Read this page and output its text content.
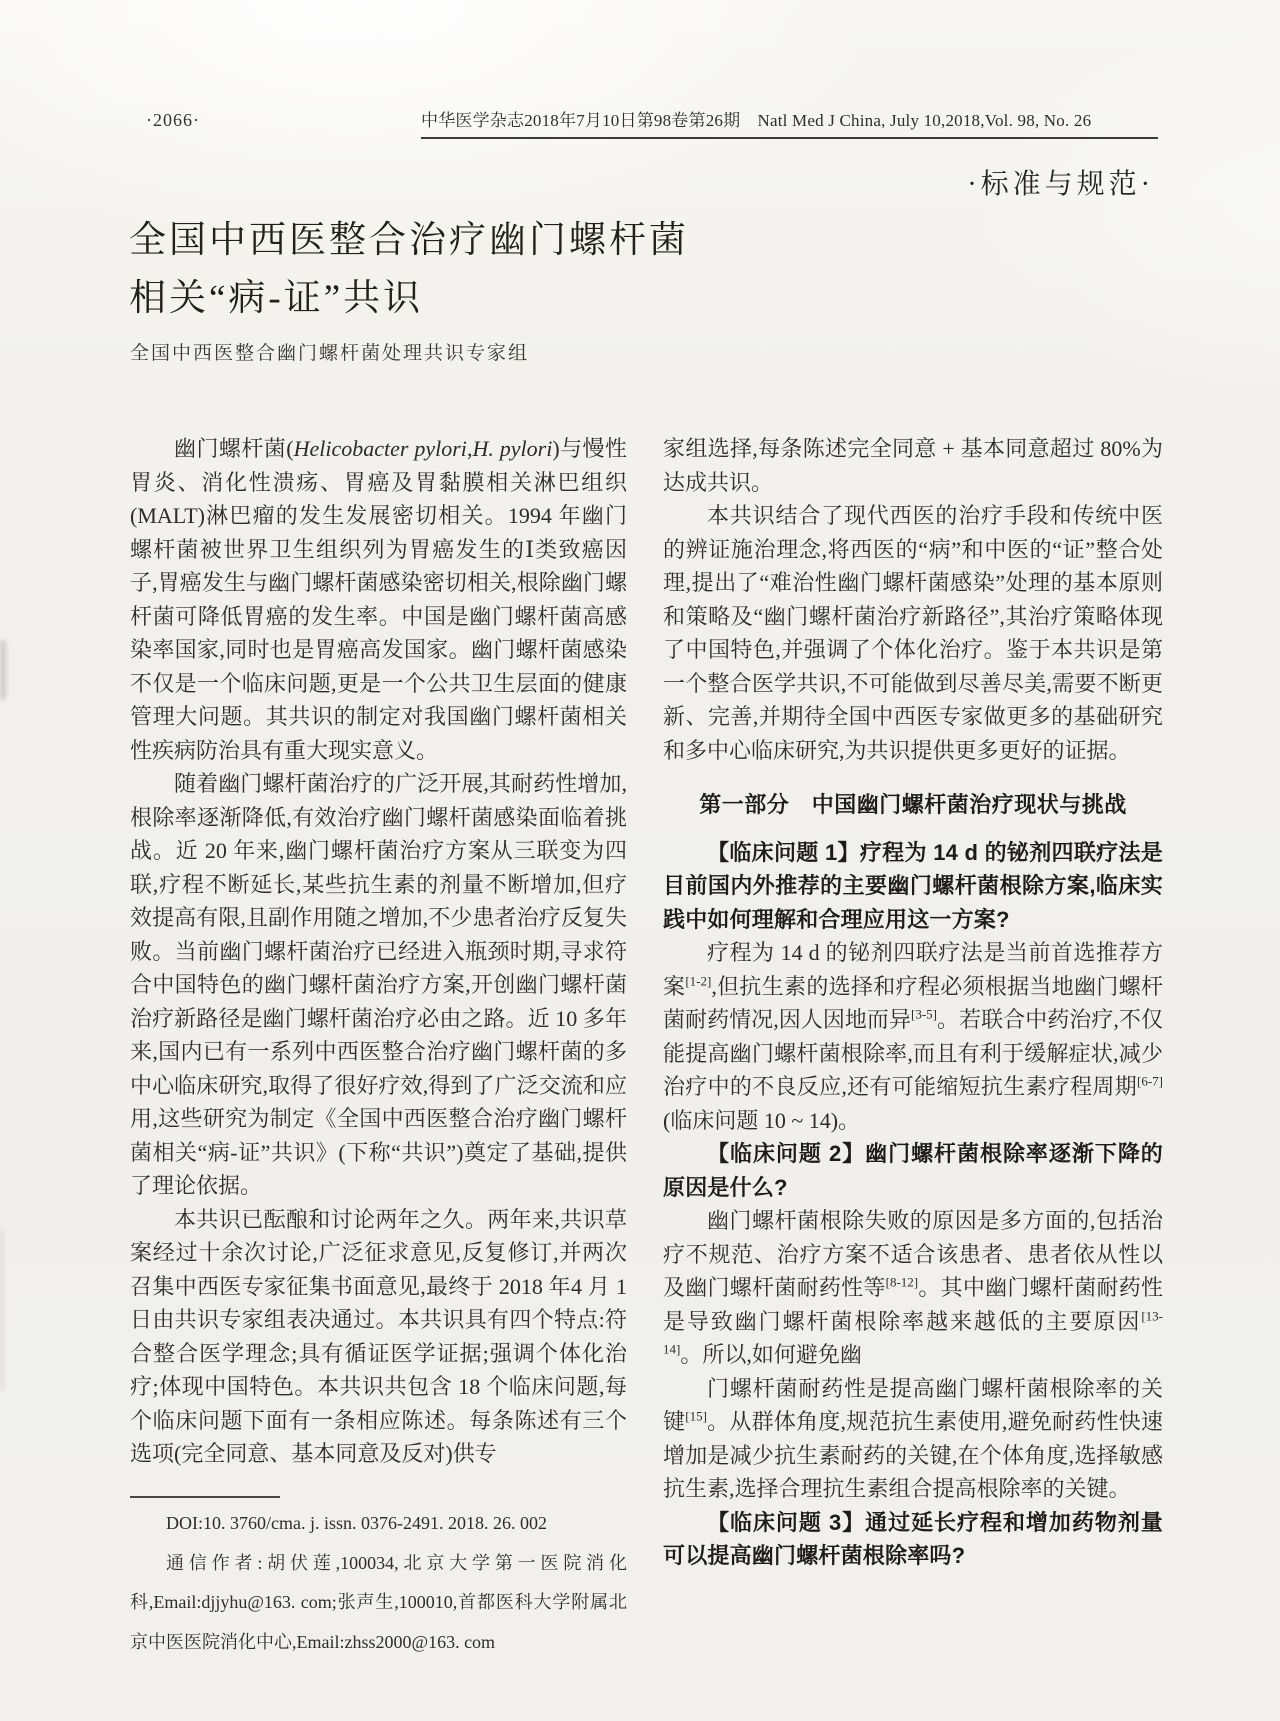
·2066·	中华医学杂志2018年7月10日第98卷第26期　Natl Med J China, July 10,2018,Vol. 98, No. 26
·标准与规范·
全国中西医整合治疗幽门螺杆菌
相关“病-证”共识
全国中西医整合幽门螺杆菌处理共识专家组

幽门螺杆菌(Helicobacter pylori,H. pylori)与慢性胃炎、消化性溃疡、胃癌及胃黏膜相关淋巴组织(MALT)淋巴瘤的发生发展密切相关。1994 年幽门螺杆菌被世界卫生组织列为胃癌发生的Ⅰ类致癌因子,胃癌发生与幽门螺杆菌感染密切相关,根除幽门螺杆菌可降低胃癌的发生率。中国是幽门螺杆菌高感染率国家,同时也是胃癌高发国家。幽门螺杆菌感染不仅是一个临床问题,更是一个公共卫生层面的健康管理大问题。其共识的制定对我国幽门螺杆菌相关性疾病防治具有重大现实意义。

随着幽门螺杆菌治疗的广泛开展,其耐药性增加,根除率逐渐降低,有效治疗幽门螺杆菌感染面临着挑战。近 20 年来,幽门螺杆菌治疗方案从三联变为四联,疗程不断延长,某些抗生素的剂量不断增加,但疗效提高有限,且副作用随之增加,不少患者治疗反复失败。当前幽门螺杆菌治疗已经进入瓶颈时期,寻求符合中国特色的幽门螺杆菌治疗方案,开创幽门螺杆菌治疗新路径是幽门螺杆菌治疗必由之路。近 10 多年来,国内已有一系列中西医整合治疗幽门螺杆菌的多中心临床研究,取得了很好疗效,得到了广泛交流和应用,这些研究为制定《全国中西医整合治疗幽门螺杆菌相关“病-证”共识》(下称“共识”)奠定了基础,提供了理论依据。

本共识已酝酿和讨论两年之久。两年来,共识草案经过十余次讨论,广泛征求意见,反复修订,并两次召集中西医专家征集书面意见,最终于 2018 年4 月 1 日由共识专家组表决通过。本共识具有四个特点:符合整合医学理念;具有循证医学证据;强调个体化治疗;体现中国特色。本共识共包含 18 个临床问题,每个临床问题下面有一条相应陈述。每条陈述有三个选项(完全同意、基本同意及反对)供专

家组选择,每条陈述完全同意 + 基本同意超过 80%为达成共识。

本共识结合了现代西医的治疗手段和传统中医的辨证施治理念,将西医的“病”和中医的“证”整合处理,提出了“难治性幽门螺杆菌感染”处理的基本原则和策略及“幽门螺杆菌治疗新路径”,其治疗策略体现了中国特色,并强调了个体化治疗。鉴于本共识是第一个整合医学共识,不可能做到尽善尽美,需要不断更新、完善,并期待全国中西医专家做更多的基础研究和多中心临床研究,为共识提供更多更好的证据。

第一部分　中国幽门螺杆菌治疗现状与挑战

【临床问题 1】疗程为 14 d 的铋剂四联疗法是目前国内外推荐的主要幽门螺杆菌根除方案,临床实践中如何理解和合理应用这一方案?

疗程为 14 d 的铋剂四联疗法是当前首选推荐方案[1-2],但抗生素的选择和疗程必须根据当地幽门螺杆菌耐药情况,因人因地而异[3-5]。若联合中药治疗,不仅能提高幽门螺杆菌根除率,而且有利于缓解症状,减少治疗中的不良反应,还有可能缩短抗生素疗程周期[6-7](临床问题 10 ~ 14)。

【临床问题 2】幽门螺杆菌根除率逐渐下降的原因是什么?

幽门螺杆菌根除失败的原因是多方面的,包括治疗不规范、治疗方案不适合该患者、患者依从性以及幽门螺杆菌耐药性等[8-12]。其中幽门螺杆菌耐药性是导致幽门螺杆菌根除率越来越低的主要原因[13-14]。所以,如何避免幽

门螺杆菌耐药性是提高幽门螺杆菌根除率的关键[15]。从群体角度,规范抗生素使用,避免耐药性快速增加是减少抗生素耐药的关键,在个体角度,选择敏感抗生素,选择合理抗生素组合提高根除率的关键。

【临床问题 3】通过延长疗程和增加药物剂量可以提高幽门螺杆菌根除率吗?

DOI:10. 3760/cma. j. issn. 0376-2491. 2018. 26. 002

通信作者:胡伏莲,100034,北京大学第一医院消化科,Email:djjyhu@163. com;张声生,100010,首都医科大学附属北京中医医院消化中心,Email:zhss2000@163. com
